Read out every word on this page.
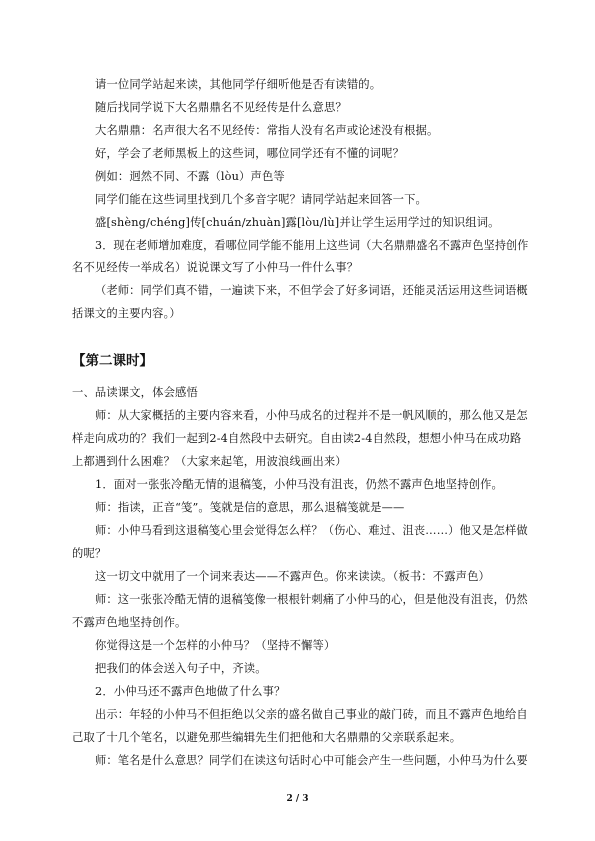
请一位同学站起来读，其他同学仔细听他是否有读错的。
随后找同学说下大名鼎鼎名不见经传是什么意思？
大名鼎鼎：名声很大名不见经传：常指人没有名声或论述没有根据。
好，学会了老师黑板上的这些词，哪位同学还有不懂的词呢？
例如：迥然不同、不露（lòu）声色等
同学们能在这些词里找到几个多音字呢？请同学站起来回答一下。
盛[shèng/chéng]传[chuán/zhuàn]露[lòu/lù]并让学生运用学过的知识组词。
3．现在老师增加难度，看哪位同学能不能用上这些词（大名鼎鼎盛名不露声色坚持创作
名不见经传一举成名）说说课文写了小仲马一件什么事？
（老师：同学们真不错，一遍读下来，不但学会了好多词语，还能灵活运用这些词语概
括课文的主要内容。）
【第二课时】
一、品读课文，体会感悟
师：从大家概括的主要内容来看，小仲马成名的过程并不是一帆风顺的，那么他又是怎
样走向成功的？我们一起到2-4自然段中去研究。自由读2-4自然段，想想小仲马在成功路
上都遇到什么困难？（大家来起笔，用波浪线画出来）
1．面对一张张冷酷无情的退稿笺，小仲马没有沮丧，仍然不露声色地坚持创作。
师：指读，正音“笺”。笺就是信的意思，那么退稿笺就是——
师：小仲马看到这退稿笺心里会觉得怎么样？（伤心、难过、沮丧……）他又是怎样做
的呢？
这一切文中就用了一个词来表达——不露声色。你来读读。（板书：不露声色）
师：这一张张冷酷无情的退稿笺像一根根针刺痛了小仲马的心，但是他没有沮丧，仍然
不露声色地坚持创作。
你觉得这是一个怎样的小仲马？（坚持不懈等）
把我们的体会送入句子中，齐读。
2．小仲马还不露声色地做了什么事？
出示：年轻的小仲马不但拒绝以父亲的盛名做自己事业的敲门砖，而且不露声色地给自
己取了十几个笔名，以避免那些编辑先生们把他和大名鼎鼎的父亲联系起来。
师：笔名是什么意思？同学们在读这句话时心中可能会产生一些问题，小仲马为什么要
2 / 3
